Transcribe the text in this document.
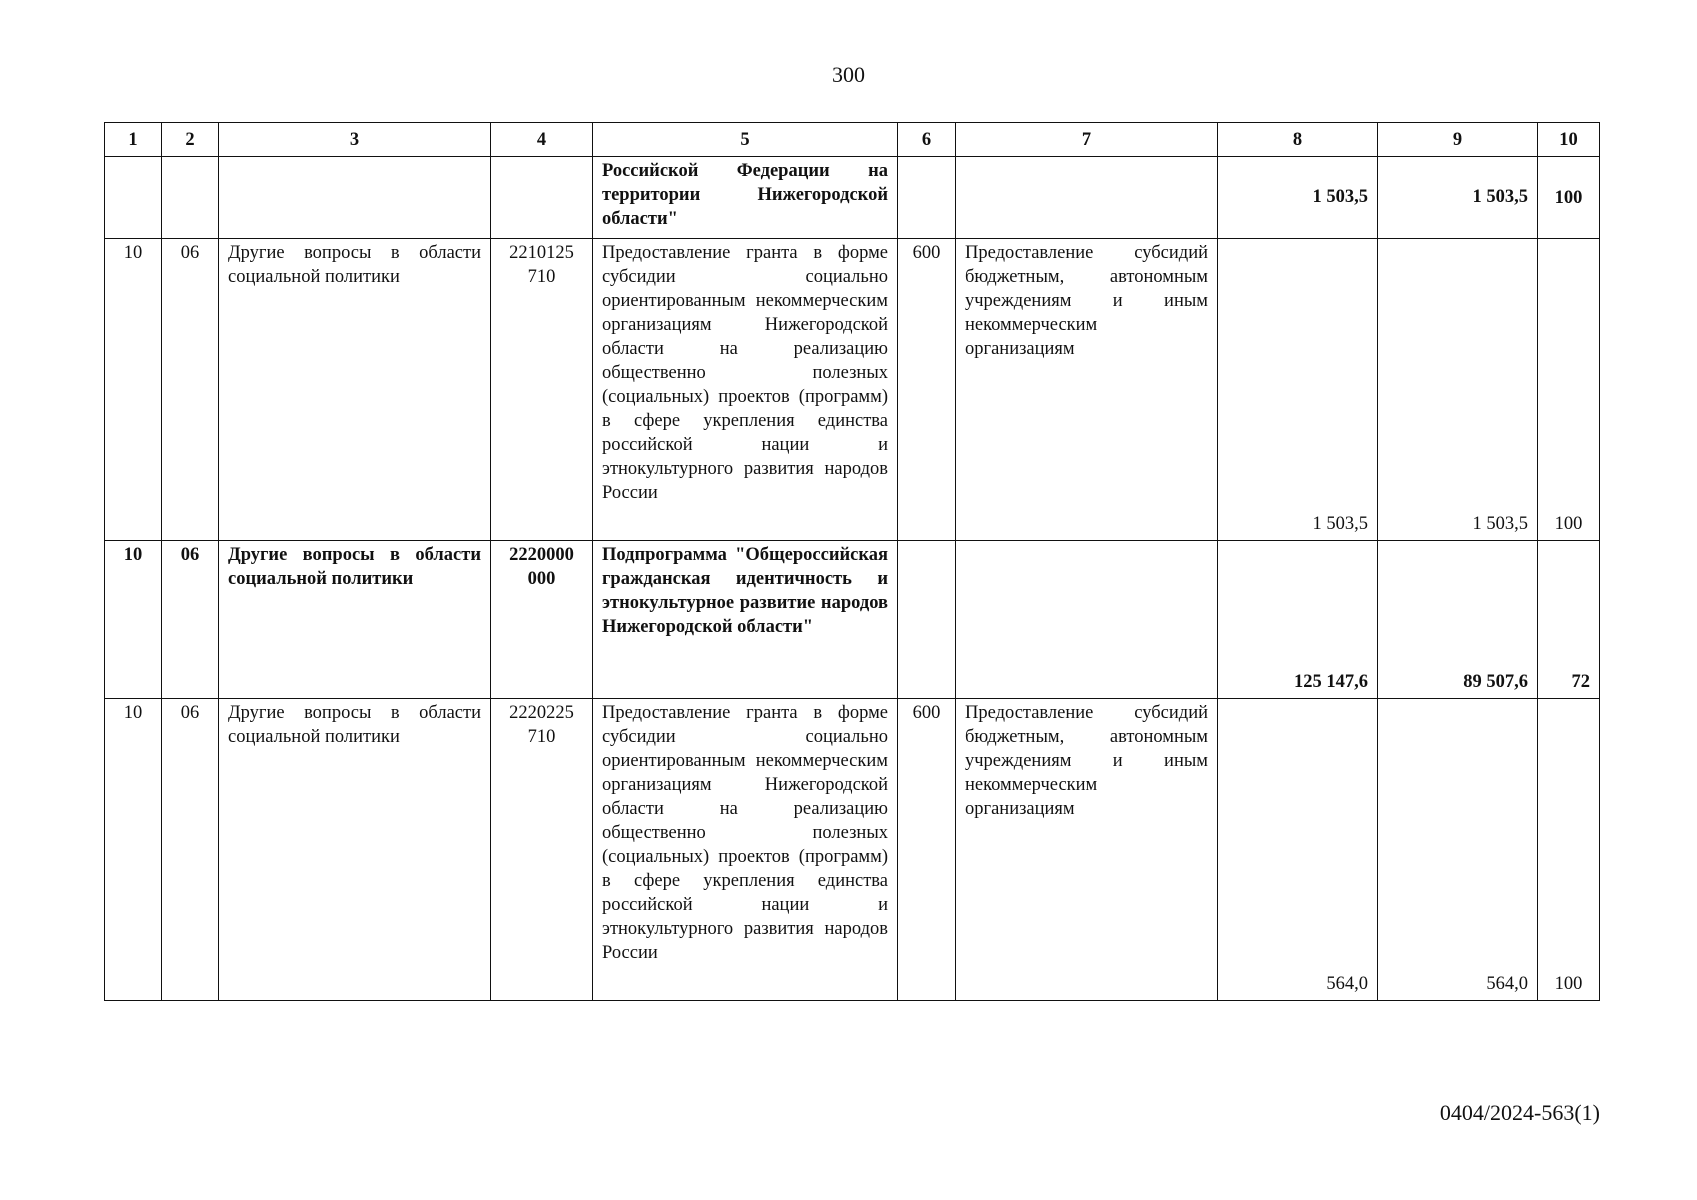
300
1	2	3	4	5	6	7	8	9	10
				Российской Федерации на территории Нижегородской области"			1 503,5	1 503,5	100
10	06	Другие вопросы в области социальной политики	2210125 710	Предоставление гранта в форме субсидии социально ориентированным некоммерческим организациям Нижегородской области на реализацию общественно полезных (социальных) проектов (программ) в сфере укрепления единства российской нации и этнокультурного развития народов России	600	Предоставление субсидий бюджетным, автономным учреждениям и иным некоммерческим организациям	1 503,5	1 503,5	100
10	06	Другие вопросы в области социальной политики	2220000 000	Подпрограмма "Общероссийская гражданская идентичность и этнокультурное развитие народов Нижегородской области"			125 147,6	89 507,6	72
10	06	Другие вопросы в области социальной политики	2220225 710	Предоставление гранта в форме субсидии социально ориентированным некоммерческим организациям Нижегородской области на реализацию общественно полезных (социальных) проектов (программ) в сфере укрепления единства российской нации и этнокультурного развития народов России	600	Предоставление субсидий бюджетным, автономным учреждениям и иным некоммерческим организациям	564,0	564,0	100
0404/2024-563(1)
